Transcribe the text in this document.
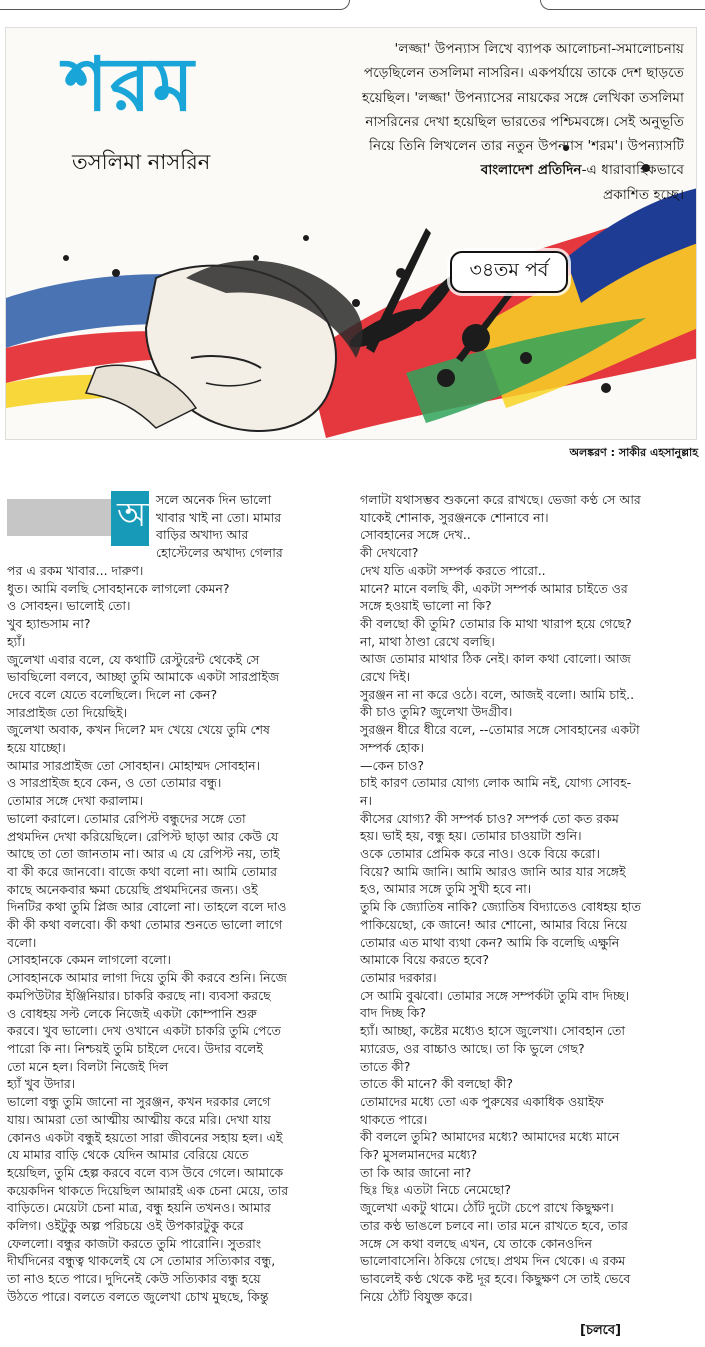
শরম
তসলিমা নাসরিন
'লজ্জা' উপন্যাস লিখে ব্যাপক আলোচনা-সমালোচনায়
পড়েছিলেন তসলিমা নাসরিন। একপর্যায়ে তাকে দেশ ছাড়তে
হয়েছিল। 'লজ্জা' উপন্যাসের নায়কের সঙ্গে লেখিকা তসলিমা
নাসরিনের দেখা হয়েছিল ভারতের পশ্চিমবঙ্গে। সেই অনুভূতি
নিয়ে তিনি লিখলেন তার নতুন উপন্যাস 'শরম'। উপন্যাসটি
বাংলাদেশ প্রতিদিন-এ ধারাবাহিকভাবে
প্রকাশিত হচ্ছে।
৩৪তম পর্ব
অলঙ্করণ : সাকীর এহসানুল্লাহ
আ সলে অনেক দিন ভালো

খাবার খাই না তো। মামার

বাড়ির অখাদ্য আর

হোস্টেলের অখাদ্য গেলার

পর এ রকম খাবার... দারুণ।

ধুত। আমি বলছি সোবহানকে লাগলো কেমন?

ও সোবহন। ভালোই তো।

খুব হ্যান্ডসাম না?

হ্যাঁ।

জুলেখা এবার বলে, যে কথাটি রেস্টুরেন্ট থেকেই সে

ভাবছিলো বলবে, আচ্ছা তুমি আমাকে একটা সারপ্রাইজ

দেবে বলে যেতে বলেছিলে। দিলে না কেন?

সারপ্রাইজ তো দিয়েছিই।

জুলেখা অবাক, কখন দিলে? মদ খেয়ে খেয়ে তুমি শেষ

হয়ে যাচ্ছো।

আমার সারপ্রাইজ তো সোবহান। মোহাম্মদ সোবহান।

ও সারপ্রাইজ হবে কেন, ও তো তোমার বন্ধু।

তোমার সঙ্গে দেখা করালাম।

ভালো করালে। তোমার রেপিস্ট বন্ধুদের সঙ্গে তো

প্রথমদিন দেখা করিয়েছিলে। রেপিস্ট ছাড়া আর কেউ যে

আছে তা তো জানতাম না। আর এ যে রেপিস্ট নয়, তাই

বা কী করে জানবো। বাজে কথা বলো না। আমি তোমার

কাছে অনেকবার ক্ষমা চেয়েছি প্রথমদিনের জন্য। ওই

দিনটির কথা তুমি প্লিজ আর বোলো না। তাহলে বলে দাও

কী কী কথা বলবো। কী কথা তোমার শুনতে ভালো লাগে

বলো।

সোবহানকে কেমন লাগলো বলো।

সোবহানকে আমার লাগা দিয়ে তুমি কী করবে শুনি। নিজে

কমপিউটার ইঞ্জিনিয়ার। চাকরি করছে না। ব্যবসা করছে

ও বোধহয় সল্ট লেকে নিজেই একটা কোম্পানি শুরু

করবে। খুব ভালো। দেখ ওখানে একটা চাকরি তুমি পেতে

পারো কি না। নিশ্চয়ই তুমি চাইলে দেবে। উদার বলেই

তো মনে হল। বিলটা নিজেই দিল

হ্যাঁ খুব উদার।

ভালো বন্ধু তুমি জানো না সুরঞ্জন, কখন দরকার লেগে

যায়। আমরা তো আত্মীয় আত্মীয় করে মরি। দেখা যায়

কোনও একটা বন্ধুই হয়তো সারা জীবনের সহায় হল। এই

যে মামার বাড়ি থেকে যেদিন আমার বেরিয়ে যেতে

হয়েছিল, তুমি হেল্প করবে বলে ব্যস উবে গেলে। আমাকে

কয়েকদিন থাকতে দিয়েছিল আমারই এক চেনা মেয়ে, তার

বাড়িতে। মেয়েটা চেনা মাত্র, বন্ধু হয়নি তখনও। আমার

কলিগ। ওইটুকু অল্প পরিচয়ে ওই উপকারটুকু করে

ফেললো। বন্ধুর কাজটা করতে তুমি পারোনি। সুতরাং

দীর্ঘদিনের বন্ধুত্ব থাকলেই যে সে তোমার সত্যিকার বন্ধু,

তা নাও হতে পারে। দুদিনেই কেউ সত্যিকার বন্ধু হয়ে

উঠতে পারে। বলতে বলতে জুলেখা চোখ মুছছে, কিন্তু

গলাটা যথাসম্ভব শুকনো করে রাখছে। ভেজা কণ্ঠ সে আর

যাকেই শোনাক, সুরঞ্জনকে শোনাবে না।

সোবহানের সঙ্গে দেখ..

কী দেখবো?

দেখ যতি একটা সম্পর্ক করতে পারো..

মানে? মানে বলছি কী, একটা সম্পর্ক আমার চাইতে ওর

সঙ্গে হওয়াই ভালো না কি?

কী বলছো কী তুমি? তোমার কি মাথা খারাপ হয়ে গেছে?

না, মাথা ঠাণ্ডা রেখে বলছি।

আজ তোমার মাথার ঠিক নেই। কাল কথা বোলো। আজ

রেখে দিই।

সুরঞ্জন না না করে ওঠে। বলে, আজই বলো। আমি চাই..

কী চাও তুমি? জুলেখা উদগ্রীব।

সুরঞ্জন ধীরে ধীরে বলে, --তোমার সঙ্গে সোবহানের একটা

সম্পর্ক হোক।

—কেন চাও?

চাই কারণ তোমার যোগ্য লোক আমি নই, যোগ্য সোবহ-

ন।

কীসের যোগ্য? কী সম্পর্ক চাও? সম্পর্ক তো কত রকম

হয়। ভাই হয়, বন্ধু হয়। তোমার চাওয়াটা শুনি।

ওকে তোমার প্রেমিক করে নাও। ওকে বিয়ে করো।

বিয়ে? আমি জানি। আমি আরও জানি আর যার সঙ্গেই

হও, আমার সঙ্গে তুমি সুখী হবে না।

তুমি কি জ্যোতিষ নাকি? জ্যোতিষ বিদ্যাতেও বোধহয় হাত

পাকিয়েছো, কে জানে! আর শোনো, আমার বিয়ে নিয়ে

তোমার এত মাথা ব্যথা কেন? আমি কি বলেছি এক্ষুনি

আমাকে বিয়ে করতে হবে?

তোমার দরকার।

সে আমি বুঝবো। তোমার সঙ্গে সম্পর্কটা তুমি বাদ দিচ্ছ।

বাদ দিচ্ছ কি?

হ্যাঁ। আচ্ছা, কষ্টের মধ্যেও হাসে জুলেখা। সোবহান তো

ম্যারেড, ওর বাচ্চাও আছে। তা কি ভুলে গেছ?

তাতে কী?

তাতে কী মানে? কী বলছো কী?

তোমাদের মধ্যে তো এক পুরুষের একাধিক ওয়াইফ

থাকতে পারে।

কী বললে তুমি? আমাদের মধ্যে? আমাদের মধ্যে মানে

কি? মুসলমানদের মধ্যে?

তা কি আর জানো না?

ছিঃ ছিঃ এতটা নিচে নেমেছো?

জুলেখা একটু থামে। ঠোঁট দুটো চেপে রাখে কিছুক্ষণ।

তার কণ্ঠ ভাঙলে চলবে না। তার মনে রাখতে হবে, তার

সঙ্গে সে কথা বলছে এখন, যে তাকে কোনওদিন

ভালোবাসেনি। ঠকিয়ে গেছে। প্রথম দিন থেকে। এ রকম

ভাবলেই কণ্ঠ থেকে কষ্ট দূর হবে। কিছুক্ষণ সে তাই ভেবে

নিয়ে ঠোঁট বিযুক্ত করে।

[চলবে]
